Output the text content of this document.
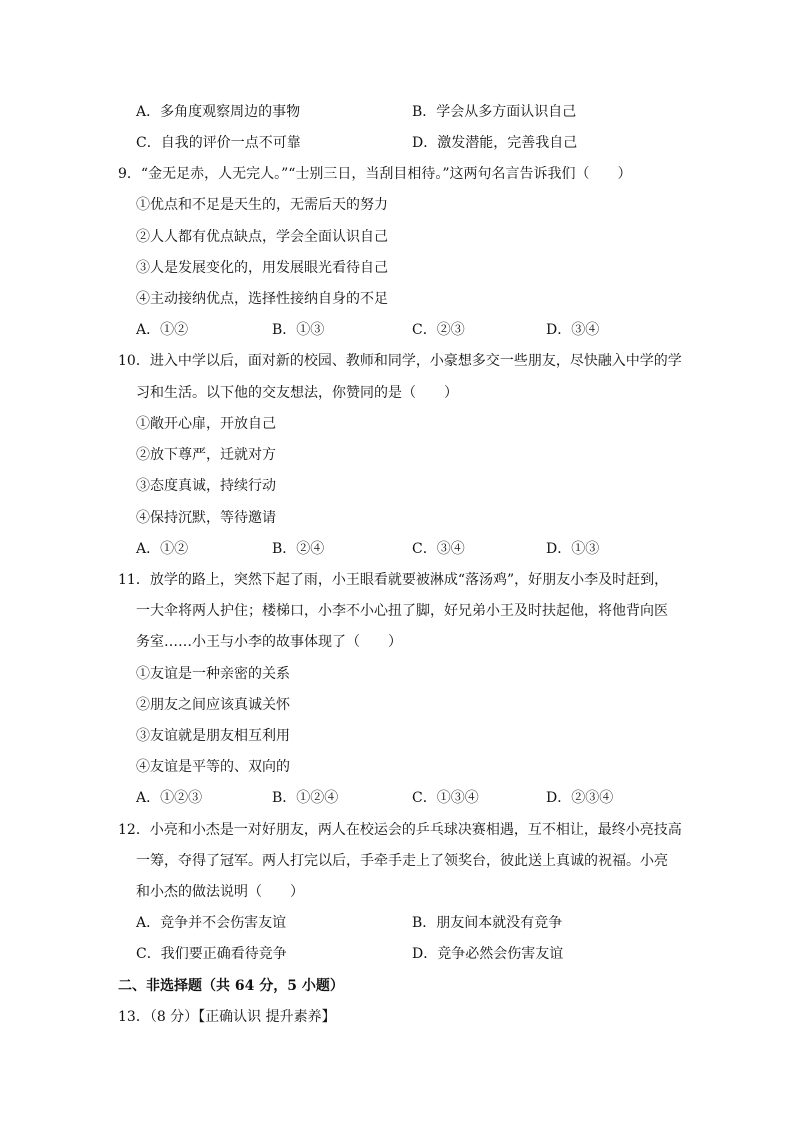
A．多角度观察周边的事物	B．学会从多方面认识自己
C．自我的评价一点不可靠	D．激发潜能，完善我自己
9．“金无足赤，人无完人。”“士别三日，当刮目相待。”这两句名言告诉我们（　　）
①优点和不足是天生的，无需后天的努力
②人人都有优点缺点，学会全面认识自己
③人是发展变化的，用发展眼光看待自己
④主动接纳优点，选择性接纳自身的不足
A．①②	B．①③	C．②③	D．③④
10．进入中学以后，面对新的校园、教师和同学，小豪想多交一些朋友，尽快融入中学的学
习和生活。以下他的交友想法，你赞同的是（　　）
①敞开心扉，开放自己
②放下尊严，迁就对方
③态度真诚，持续行动
④保持沉默，等待邀请
A．①②	B．②④	C．③④	D．①③
11．放学的路上，突然下起了雨，小王眼看就要被淋成“落汤鸡”，好朋友小李及时赶到，
一大伞将两人护住；楼梯口，小李不小心扭了脚，好兄弟小王及时扶起他，将他背向医
务室……小王与小李的故事体现了（　　）
①友谊是一种亲密的关系
②朋友之间应该真诚关怀
③友谊就是朋友相互利用
④友谊是平等的、双向的
A．①②③	B．①②④	C．①③④	D．②③④
12．小亮和小杰是一对好朋友，两人在校运会的乒乓球决赛相遇，互不相让，最终小亮技高
一筹，夺得了冠军。两人打完以后，手牵手走上了领奖台，彼此送上真诚的祝福。小亮
和小杰的做法说明（　　）
A．竞争并不会伤害友谊	B．朋友间本就没有竞争
C．我们要正确看待竞争	D．竞争必然会伤害友谊
二、非选择题（共 64 分，5 小题）
13．（8 分）【正确认识 提升素养】
